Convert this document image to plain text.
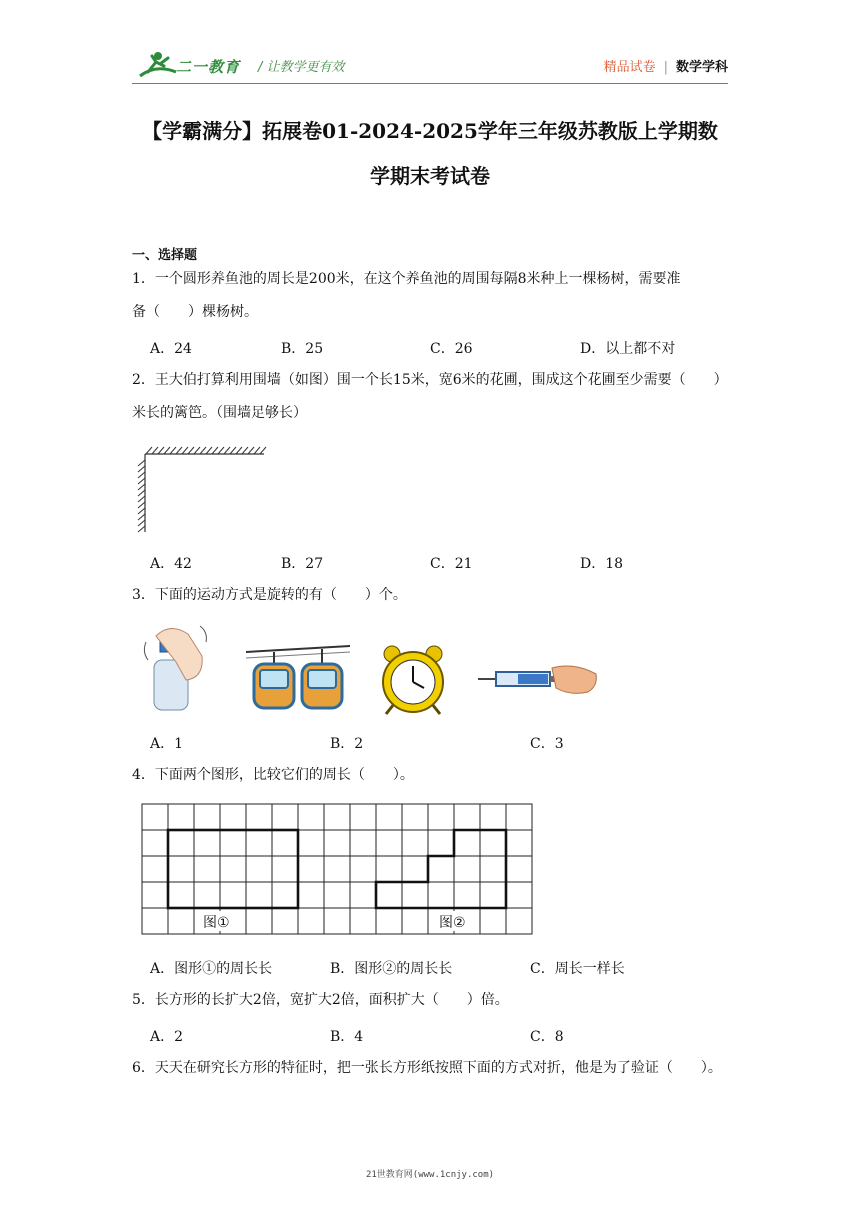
二一教育 / 让教学更有效	精品试卷 | 数学学科
【学霸满分】拓展卷01-2024-2025学年三年级苏教版上学期数
学期末考试卷
一、选择题
1．一个圆形养鱼池的周长是200米，在这个养鱼池的周围每隔8米种上一棵杨树，需要准
备（　　）棵杨树。
A．24	B．25	C．26	D．以上都不对
2．王大伯打算利用围墙（如图）围一个长15米，宽6米的花圃，围成这个花圃至少需要（　　）
米长的篱笆。（围墙足够长）
A．42	B．27	C．21	D．18
3．下面的运动方式是旋转的有（　　）个。
A．1	B．2	C．3
4．下面两个图形，比较它们的周长（　　）。
图①	图②
A．图形①的周长长	B．图形②的周长长	C．周长一样长
5．长方形的长扩大2倍，宽扩大2倍，面积扩大（　　）倍。
A．2	B．4	C．8
6．天天在研究长方形的特征时，把一张长方形纸按照下面的方式对折，他是为了验证（　　）。
21世教育网(www.1cnjy.com)
